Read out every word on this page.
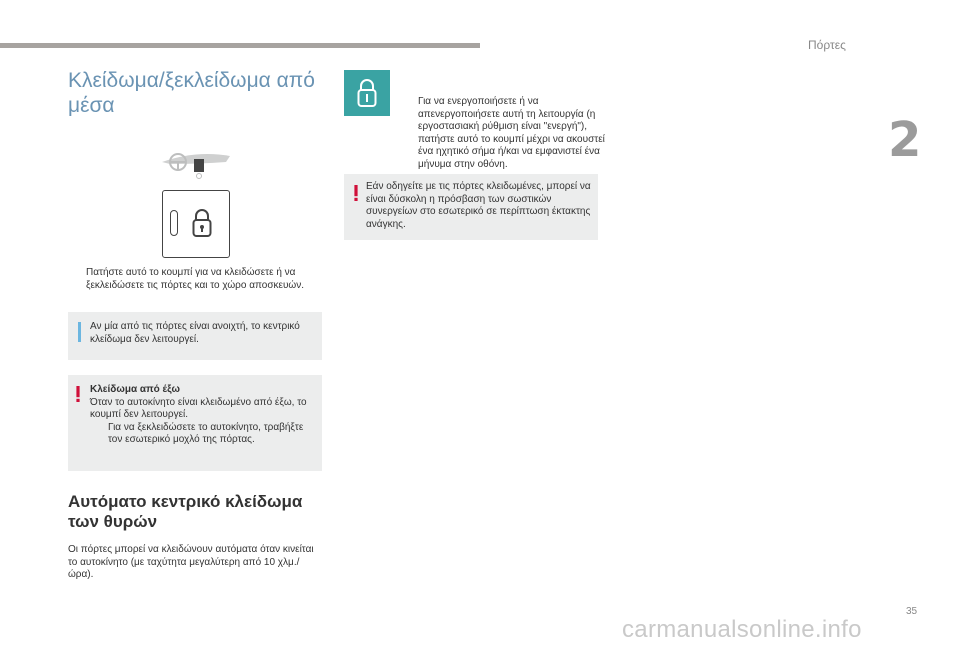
Πόρτες
2
35
Κλείδωμα/ξεκλείδωμα από μέσα
Πατήστε αυτό το κουμπί για να κλειδώσετε ή να ξεκλειδώσετε τις πόρτες και το χώρο αποσκευών.
Αν μία από τις πόρτες είναι ανοιχτή, το κεντρικό κλείδωμα δεν λειτουργεί.
Κλείδωμα από έξω
Όταν το αυτοκίνητο είναι κλειδωμένο από έξω, το κουμπί δεν λειτουργεί.
Για να ξεκλειδώσετε το αυτοκίνητο, τραβήξτε τον εσωτερικό μοχλό της πόρτας.
Αυτόματο κεντρικό κλείδωμα των θυρών
Οι πόρτες μπορεί να κλειδώνουν αυτόματα όταν κινείται το αυτοκίνητο (με ταχύτητα μεγαλύτερη από 10 χλμ./ώρα).
Για να ενεργοποιήσετε ή να απενεργοποιήσετε αυτή τη λειτουργία (η εργοστασιακή ρύθμιση είναι "ενεργή"), πατήστε αυτό το κουμπί μέχρι να ακουστεί ένα ηχητικό σήμα ή/και να εμφανιστεί ένα μήνυμα στην οθόνη.
Εάν οδηγείτε με τις πόρτες κλειδωμένες, μπορεί να είναι δύσκολη η πρόσβαση των σωστικών συνεργείων στο εσωτερικό σε περίπτωση έκτακτης ανάγκης.
carmanualsonline.info
